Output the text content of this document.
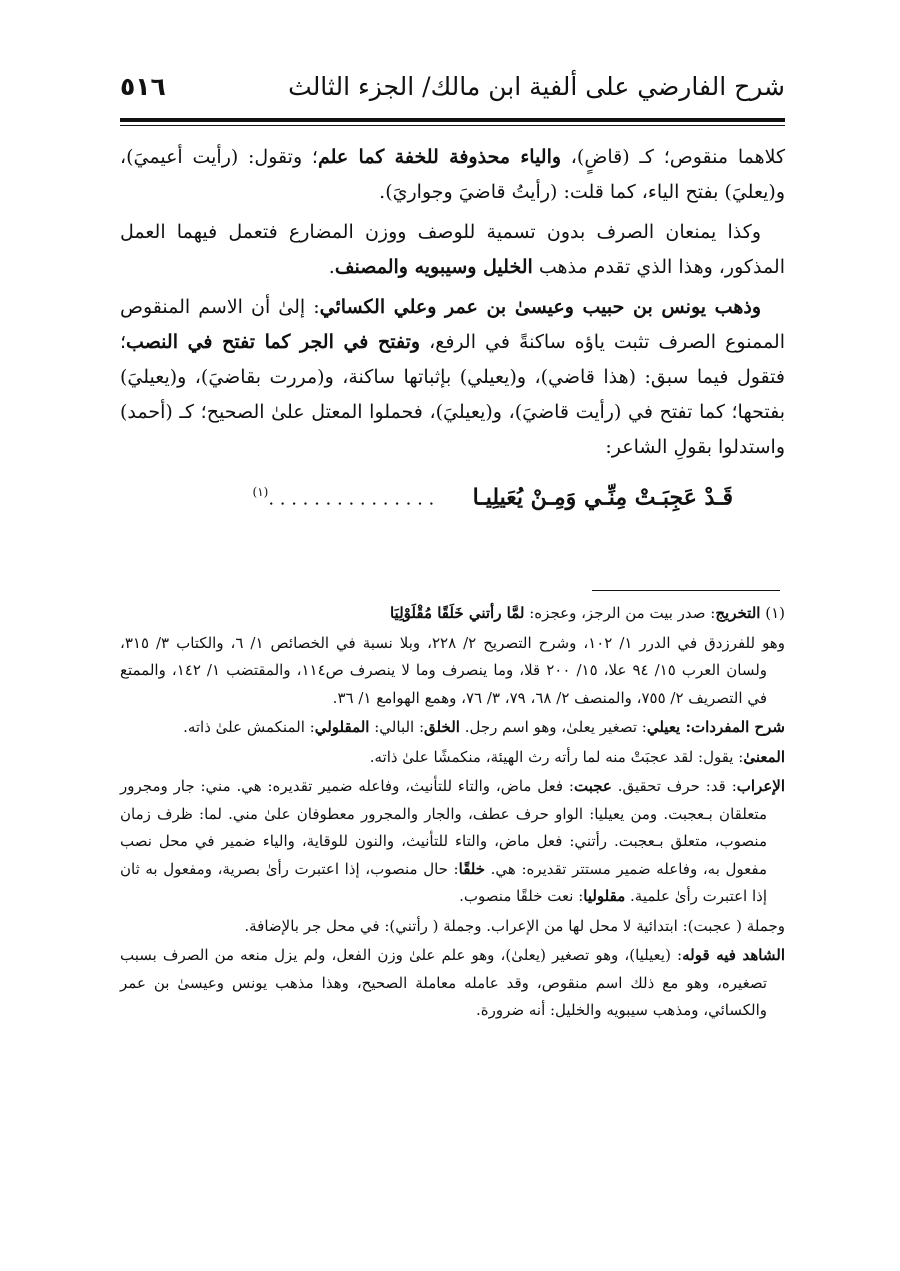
شرح الفارضي على ألفية ابن مالك/ الجزء الثالث
٥١٦

كلاهما منقوص؛ كـ (قاضٍ)، والياء محذوفة للخفة كما علم؛ وتقول: (رأيت أعيميَ)، و(يعليَ) بفتح الياء، كما قلت: (رأيتُ قاضيَ وجواريَ).

وكذا يمنعان الصرف بدون تسمية للوصف ووزن المضارع فتعمل فيهما العمل المذكور، وهذا الذي تقدم مذهب الخليل وسيبويه والمصنف.

وذهب يونس بن حبيب وعيسىٰ بن عمر وعلي الكسائي: إلىٰ أن الاسم المنقوص الممنوع الصرف تثبت ياؤه ساكنةً في الرفع، وتفتح في الجر كما تفتح في النصب؛ فتقول فيما سبق: (هذا قاضي)، و(يعيلي) بإثباتها ساكنة، و(مررت بقاضيَ)، و(يعيليَ) بفتحها؛ كما تفتح في (رأيت قاضيَ)، و(يعيليَ)، فحملوا المعتل علىٰ الصحيح؛ كـ (أحمد) واستدلوا بقولِ الشاعر:

قَـدْ عَجِبَـتْ مِنِّـي وَمِـنْ يُعَيلِيـا     . . . . . . . . . . . . . . .$^{(١)}$

(١) التخريج: صدر بيت من الرجز، وعجزه: لمَّا رأتني خَلَقًا مُقْلَوْلِيَا

وهو للفرزدق في الدرر ١/ ١٠٢، وشرح التصريح ٢/ ٢٢٨، وبلا نسبة في الخصائص ١/ ٦، والكتاب ٣/ ٣١٥، ولسان العرب ١٥/ ٩٤ علا، ١٥/ ٢٠٠ قلا، وما ينصرف وما لا ينصرف ص١١٤، والمقتضب ١/ ١٤٢، والممتع في التصريف ٢/ ٧٥٥، والمنصف ٢/ ٦٨، ٧٩، ٣/ ٧٦، وهمع الهوامع ١/ ٣٦.

شرح المفردات: يعيلي: تصغير يعلىٰ، وهو اسم رجل. الخلق: البالي: المقلولي: المنكمش علىٰ ذاته.

المعنىٰ: يقول: لقد عجبَتْ منه لما رأته رث الهيئة، منكمشًا علىٰ ذاته.

الإعراب: قد: حرف تحقيق. عجبت: فعل ماض، والتاء للتأنيث، وفاعله ضمير تقديره: هي. مني: جار ومجرور متعلقان بـعجبت. ومن يعيليا: الواو حرف عطف، والجار والمجرور معطوفان علىٰ مني. لما: ظرف زمان منصوب، متعلق بـعجبت. رأتني: فعل ماض، والتاء للتأنيث، والنون للوقاية، والياء ضمير في محل نصب مفعول به، وفاعله ضمير مستتر تقديره: هي. خلقًا: حال منصوب، إذا اعتبرت رأىٰ بصرية، ومفعول به ثان إذا اعتبرت رأىٰ علمية. مقلوليا: نعت خلقًا منصوب.

وجملة ( عجبت): ابتدائية لا محل لها من الإعراب. وجملة ( رأتني): في محل جر بالإضافة.

الشاهد فيه قوله: (يعيليا)، وهو تصغير (يعلىٰ)، وهو علم علىٰ وزن الفعل، ولم يزل منعه من الصرف بسبب تصغيره، وهو مع ذلك اسم منقوص، وقد عامله معاملة الصحيح، وهذا مذهب يونس وعيسىٰ بن عمر والكسائي، ومذهب سيبويه والخليل: أنه ضرورة.
